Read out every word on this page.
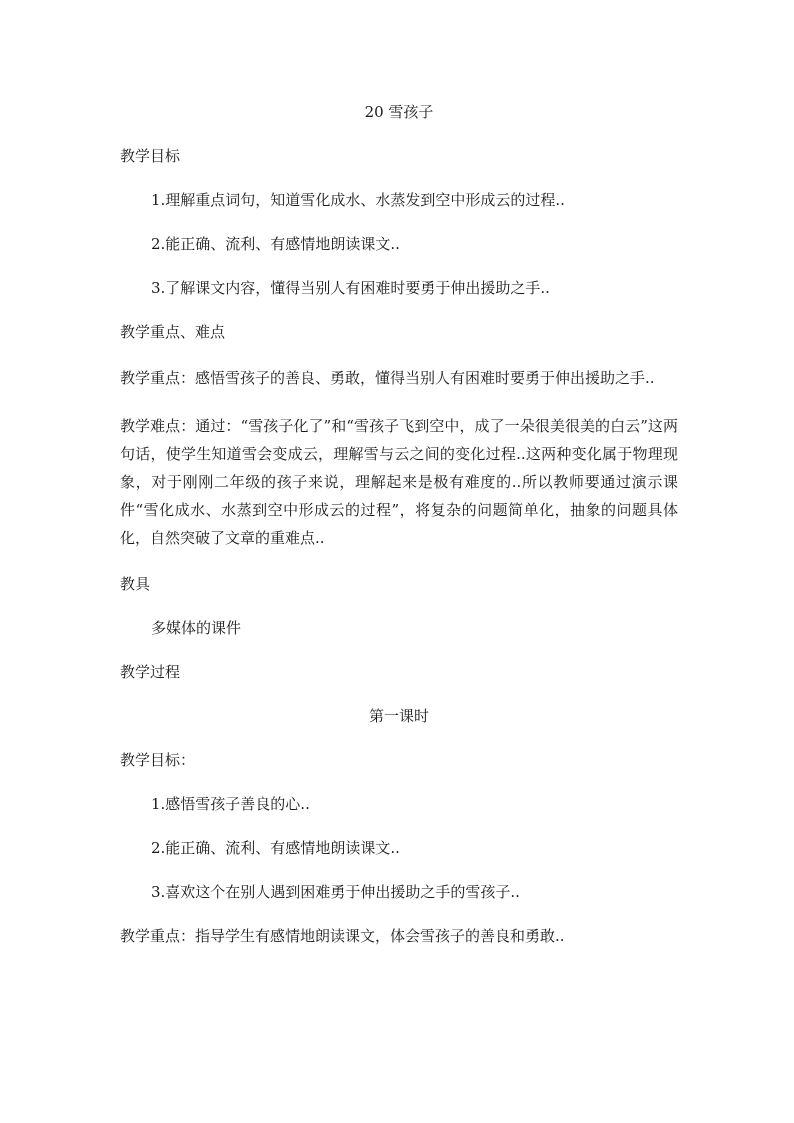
20 雪孩子

教学目标

1.理解重点词句，知道雪化成水、水蒸发到空中形成云的过程..

2.能正确、流利、有感情地朗读课文..

3.了解课文内容，懂得当别人有困难时要勇于伸出援助之手..

教学重点、难点

教学重点：感悟雪孩子的善良、勇敢，懂得当别人有困难时要勇于伸出援助之手..

教学难点：通过：“雪孩子化了”和“雪孩子飞到空中，成了一朵很美很美的白云”这两句话，使学生知道雪会变成云，理解雪与云之间的变化过程..这两种变化属于物理现象，对于刚刚二年级的孩子来说，理解起来是极有难度的..所以教师要通过演示课件“雪化成水、水蒸到空中形成云的过程”，将复杂的问题简单化，抽象的问题具体化，自然突破了文章的重难点..

教具

多媒体的课件

教学过程

第一课时

教学目标：

1.感悟雪孩子善良的心..

2.能正确、流利、有感情地朗读课文..

3.喜欢这个在别人遇到困难勇于伸出援助之手的雪孩子..

教学重点：指导学生有感情地朗读课文，体会雪孩子的善良和勇敢..
